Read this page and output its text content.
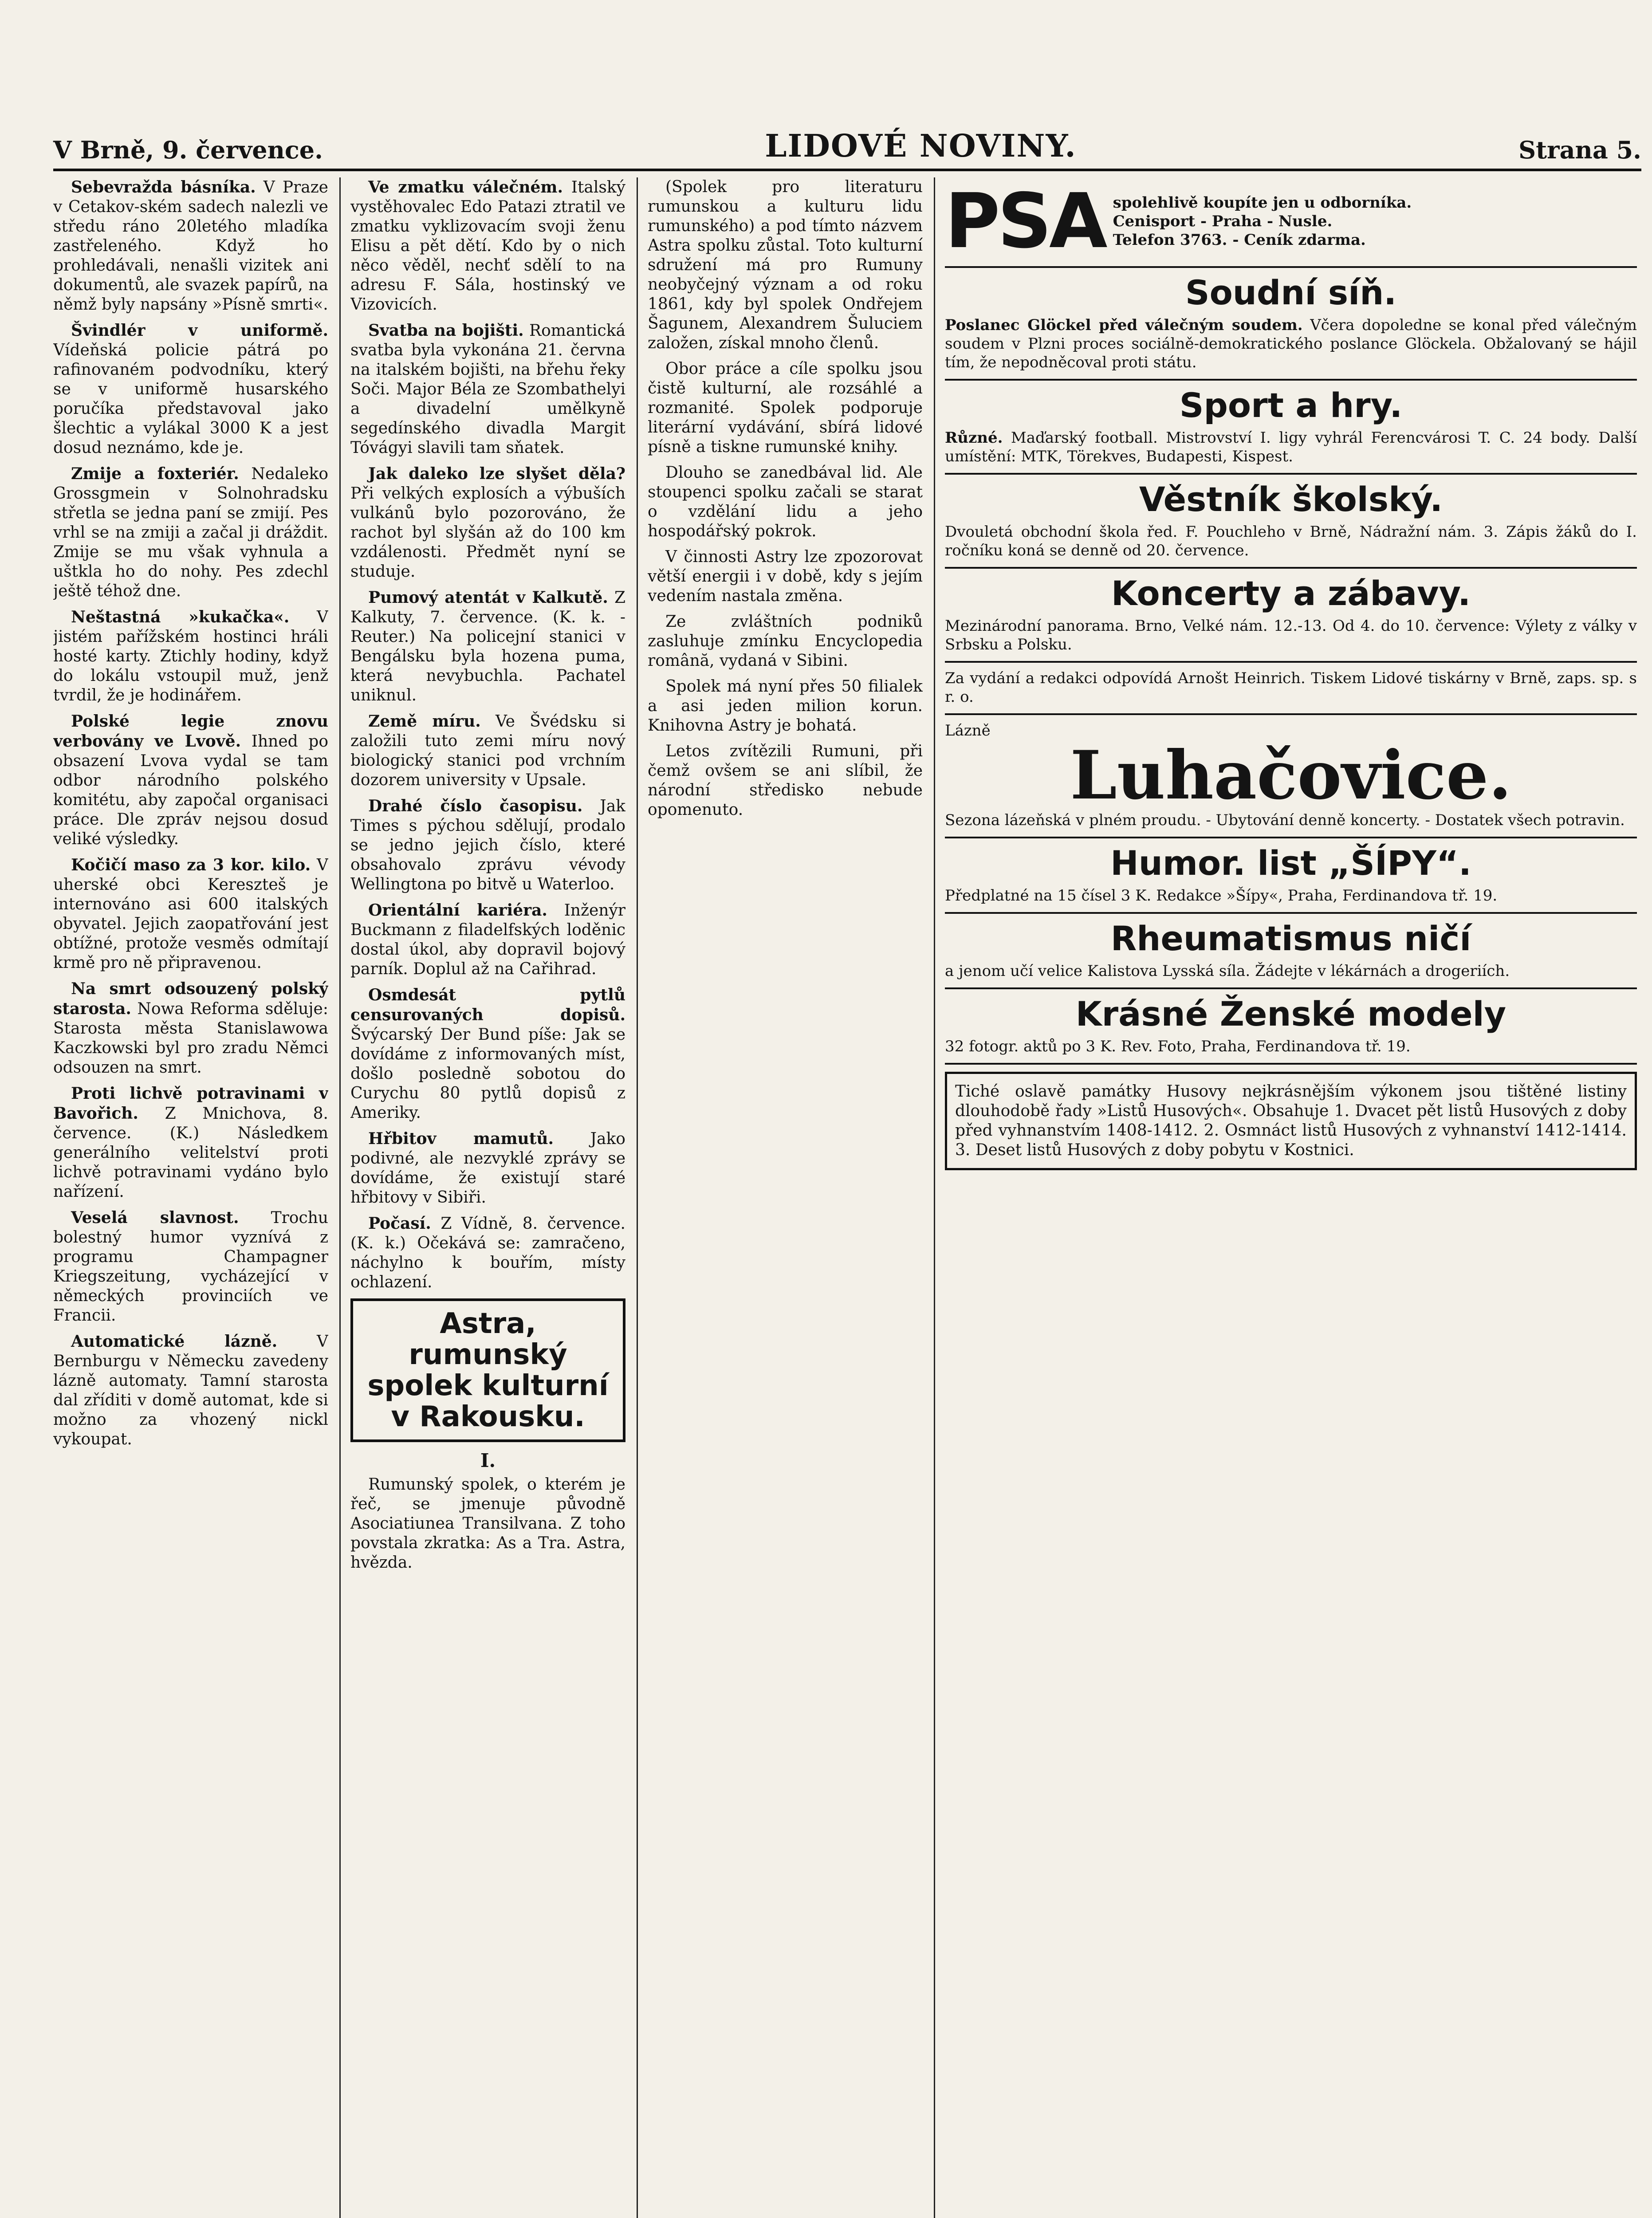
V Brně, 9. července.	LIDOVÉ NOVINY.	Strana 5.

Sebevražda básníka. V Praze v Cetakov-ském sadech nalezli ve středu ráno 20letého mladíka zastřeleného. Když ho prohledávali, nenašli vizitek ani dokumentů, ale svazek papírů, na němž byly napsány »Písně smrti«.

Švindlér v uniformě. Vídeňská policie pátrá po rafinovaném podvodníku, který se v uniformě husarského poručíka představoval jako šlechtic a vylákal 3000 K a jest dosud neznámo, kde je.

Zmije a foxteriér. Nedaleko Grossgmein v Solnohradsku střetla se jedna paní se zmijí. Pes vrhl se na zmiji a začal ji dráždit. Zmije se mu však vyhnula a uštkla ho do nohy. Pes zdechl ještě téhož dne.

Neštastná »kukačka«. V jistém pařížském hostinci hráli hosté karty. Ztichly hodiny, když do lokálu vstoupil muž, jenž tvrdil, že je hodinářem.

Polské legie znovu verbovány ve Lvově. Ihned po obsazení Lvova vydal se tam odbor národního polského komitétu, aby započal organisaci práce. Dle zpráv nejsou dosud veliké výsledky.

Kočičí maso za 3 kor. kilo. V uherské obci Kereszteš je internováno asi 600 italských obyvatel. Jejich zaopatřování jest obtížné, protože vesměs odmítají krmě pro ně připravenou.

Na smrt odsouzený polský starosta. Nowa Reforma sděluje: Starosta města Stanislawowa Kaczkowski byl pro zradu Němci odsouzen na smrt.

Proti lichvě potravinami v Bavořich. Z Mnichova, 8. července. (K.) Následkem generálního velitelství proti lichvě potravinami vydáno bylo nařízení.

Veselá slavnost. Trochu bolestný humor vyznívá z programu Champagner Kriegszeitung, vycházející v německých provinciích ve Francii.

Automatické lázně. V Bernburgu v Německu zavedeny lázně automaty. Tamní starosta dal zříditi v domě automat, kde si možno za vhozený nickl vykoupat.

Ve zmatku válečném. Italský vystěhovalec Edo Patazi ztratil ve zmatku vyklizovacím svoji ženu Elisu a pět dětí. Kdo by o nich něco věděl, nechť sdělí to na adresu F. Sála, hostinský ve Vizovicích.

Svatba na bojišti. Romantická svatba byla vykonána 21. června na italském bojišti, na břehu řeky Soči. Major Béla ze Szombathelyi a divadelní umělkyně segedínského divadla Margit Tóvágyi slavili tam sňatek.

Jak daleko lze slyšet děla? Při velkých explosích a výbuších vulkánů bylo pozorováno, že rachot byl slyšán až do 100 km vzdálenosti. Předmět nyní se studuje.

Pumový atentát v Kalkutě. Z Kalkuty, 7. července. (K. k. - Reuter.) Na policejní stanici v Bengálsku byla hozena puma, která nevybuchla. Pachatel uniknul.

Země míru. Ve Švédsku si založili tuto zemi míru nový biologický stanici pod vrchním dozorem university v Upsale.

Drahé číslo časopisu. Jak Times s pýchou sdělují, prodalo se jedno jejich číslo, které obsahovalo zprávu vévody Wellingtona po bitvě u Waterloo.

Orientální kariéra. Inženýr Buckmann z filadelfských loděnic dostal úkol, aby dopravil bojový parník. Doplul až na Cařihrad.

Osmdesát pytlů censurovaných dopisů. Švýcarský Der Bund píše: Jak se dovídáme z informovaných míst, došlo posledně sobotou do Curychu 80 pytlů dopisů z Ameriky.

Hřbitov mamutů. Jako podivné, ale nezvyklé zprávy se dovídáme, že existují staré hřbitovy v Sibiři.

Počasí. Z Vídně, 8. července. (K. k.) Očekává se: zamračeno, náchylno k bouřím, místy ochlazení.

Astra, rumunský spolek kulturní v Rakousku.
I.

Rumunský spolek, o kterém je řeč, se jmenuje původně Asociatiunea Transilvana. Z toho povstala zkratka: As a Tra. Astra, hvězda.

(Spolek pro literaturu rumunskou a kulturu lidu rumunského) a pod tímto názvem Astra spolku zůstal. Toto kulturní sdružení má pro Rumuny neobyčejný význam a od roku 1861, kdy byl spolek Ondřejem Šagunem, Alexandrem Šuluciem založen, získal mnoho členů.

Obor práce a cíle spolku jsou čistě kulturní, ale rozsáhlé a rozmanité. Spolek podporuje literární vydávání, sbírá lidové písně a tiskne rumunské knihy.

Dlouho se zanedbával lid. Ale stoupenci spolku začali se starat o vzdělání lidu a jeho hospodářský pokrok.

V činnosti Astry lze zpozorovat větší energii i v době, kdy s jejím vedením nastala změna.

Ze zvláštních podniků zasluhuje zmínku Encyclopedia română, vydaná v Sibini.

Spolek má nyní přes 50 filialek a asi jeden milion korun. Knihovna Astry je bohatá.

Letos zvítězili Rumuni, při čemž ovšem se ani slíbil, že národní středisko nebude opomenuto.

PSA spolehlivě koupíte jen u odborníka.
Cenisport - Praha - Nusle.
Telefon 3763. - Ceník zdarma.
Soudní síň.
Poslanec Glöckel před válečným soudem. Včera dopoledne se konal před válečným soudem v Plzni proces sociálně-demokratického poslance Glöckela. Obžalovaný se hájil tím, že nepodněcoval proti státu.
Sport a hry.
Různé. Maďarský football. Mistrovství I. ligy vyhrál Ferencvárosi T. C. 24 body. Další umístění: MTK, Törekves, Budapesti, Kispest.
Věstník školský.
Dvouletá obchodní škola řed. F. Pouchleho v Brně, Nádražní nám. 3. Zápis žáků do I. ročníku koná se denně od 20. července.
Koncerty a zábavy.
Mezinárodní panorama. Brno, Velké nám. 12.-13. Od 4. do 10. července: Výlety z války v Srbsku a Polsku.
Za vydání a redakci odpovídá Arnošt Heinrich. Tiskem Lidové tiskárny v Brně, zaps. sp. s r. o.
Lázně
Luhačovice.
Sezona lázeňská v plném proudu. - Ubytování denně koncerty. - Dostatek všech potravin.
Humor. list „ŠÍPY“.
Předplatné na 15 čísel 3 K. Redakce »Šípy«, Praha, Ferdinandova tř. 19.
Rheumatismus ničí
a jenom učí velice Kalistova Lysská síla. Žádejte v lékárnách a drogeriích.
Krásné Ženské modely
32 fotogr. aktů po 3 K. Rev. Foto, Praha, Ferdinandova tř. 19.
Tiché oslavě památky Husovy nejkrásnějším výkonem jsou tištěné listiny dlouhodobě řady »Listů Husových«. Obsahuje 1. Dvacet pět listů Husových z doby před vyhnanstvím 1408-1412. 2. Osmnáct listů Husových z vyhnanství 1412-1414. 3. Deset listů Husových z doby pobytu v Kostnici.
